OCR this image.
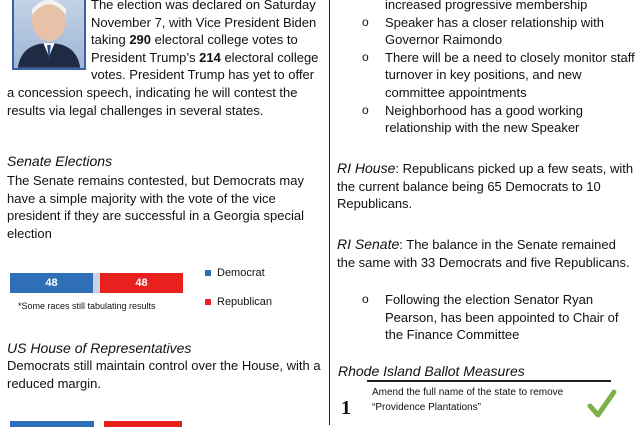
The election was declared on Saturday November 7, with Vice President Biden taking 290 electoral college votes to President Trump’s 214 electoral college votes. President Trump has yet to offer a concession speech, indicating he will contest the results via legal challenges in several states.
Senate Elections
The Senate remains contested, but Democrats may have a simple majority with the vote of the vice president if they are successful in a Georgia special election
48	48
Democrat
Republican
*Some races still tabulating results
US House of Representatives
Democrats still maintain control over the House, with a reduced margin.
increased progressive membership
o Speaker has a closer relationship with Governor Raimondo
o There will be a need to closely monitor staff turnover in key positions, and new committee appointments
o Neighborhood has a good working relationship with the new Speaker
RI House: Republicans picked up a few seats, with the current balance being 65 Democrats to 10 Republicans.
RI Senate: The balance in the Senate remained the same with 33 Democrats and five Republicans.
o Following the election Senator Ryan Pearson, has been appointed to Chair of the Finance Committee
Rhode Island Ballot Measures
1
Amend the full name of the state to remove “Providence Plantations”
